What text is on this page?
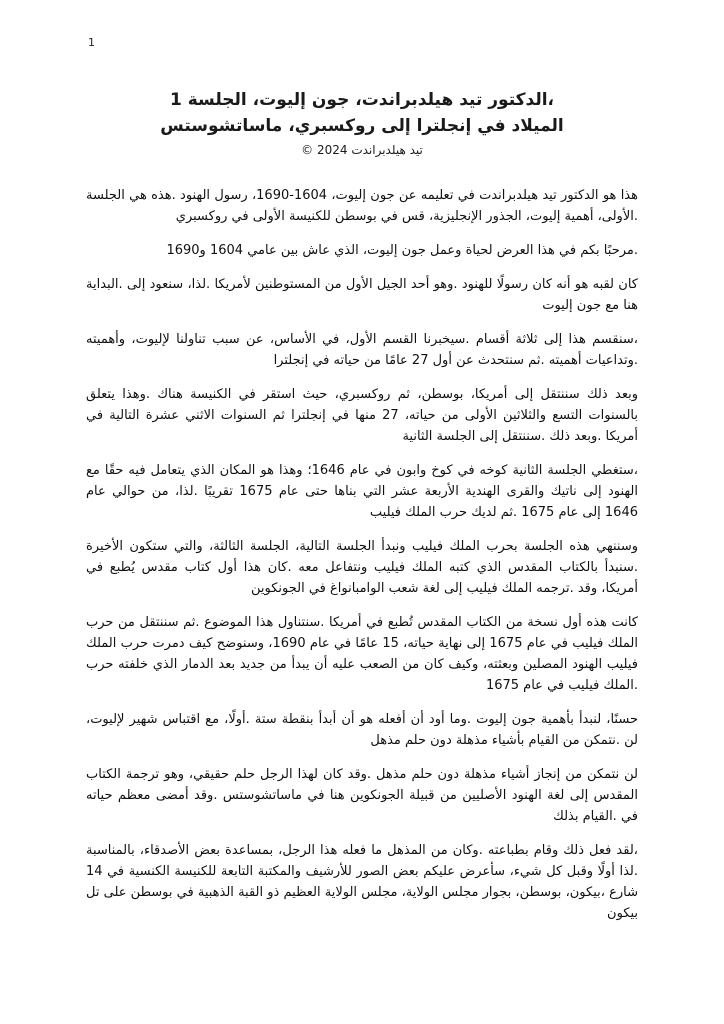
1
،الدكتور تيد هيلدبراندت، جون إليوت، الجلسة 1
الميلاد في إنجلترا إلى روكسبري، ماساتشوستس
تيد هيلدبراندت 2024 ©

هذا هو الدكتور تيد هيلدبراندت في تعليمه عن جون إليوت، 1604-1690، رسول الهنود .هذه هي الجلسة .الأولى، أهمية إليوت، الجذور الإنجليزية، قس في بوسطن للكنيسة الأولى في روكسبري

.مرحبًا بكم في هذا العرض لحياة وعمل جون إليوت، الذي عاش بين عامي 1604 و1690

كان لقبه هو أنه كان رسولًا للهنود .وهو أحد الجيل الأول من المستوطنين لأمريكا .لذا، سنعود إلى .البداية هنا مع جون إليوت

،سنقسم هذا إلى ثلاثة أقسام .سيخبرنا القسم الأول، في الأساس، عن سبب تناولنا لإليوت، وأهميته .وتداعيات أهميته .ثم سنتحدث عن أول 27 عامًا من حياته في إنجلترا

وبعد ذلك سننتقل إلى أمريكا، بوسطن، ثم روكسبري، حيث استقر في الكنيسة هناك .وهذا يتعلق بالسنوات التسع والثلاثين الأولى من حياته، 27 منها في إنجلترا ثم السنوات الاثني عشرة التالية في أمريكا .وبعد ذلك .سننتقل إلى الجلسة الثانية

،ستغطي الجلسة الثانية كوخه في كوخ وابون في عام 1646؛ وهذا هو المكان الذي يتعامل فيه حقًا مع الهنود إلى ناتيك والقرى الهندية الأربعة عشر التي بناها حتى عام 1675 تقريبًا .لذا، من حوالي عام 1646 إلى عام 1675 .ثم لديك حرب الملك فيليب

وسننهي هذه الجلسة بحرب الملك فيليب ونبدأ الجلسة التالية، الجلسة الثالثة، والتي ستكون الأخيرة .سنبدأ بالكتاب المقدس الذي كتبه الملك فيليب ونتفاعل معه .كان هذا أول كتاب مقدس يُطبع في أمريكا، وقد .ترجمه الملك فيليب إلى لغة شعب الوامبانواغ في الجونكوين

كانت هذه أول نسخة من الكتاب المقدس تُطبع في أمريكا .سنتناول هذا الموضوع .ثم سننتقل من حرب الملك فيليب في عام 1675 إلى نهاية حياته، 15 عامًا في عام 1690، وسنوضح كيف دمرت حرب الملك فيليب الهنود المصلين وبعثته، وكيف كان من الصعب عليه أن يبدأ من جديد بعد الدمار الذي خلفته حرب .الملك فيليب في عام 1675

حسنًا، لنبدأ بأهمية جون إليوت .وما أود أن أفعله هو أن أبدأ بنقطة ستة .أولًا، مع اقتباس شهير لإليوت، لن .نتمكن من القيام بأشياء مذهلة دون حلم مذهل

لن نتمكن من إنجاز أشياء مذهلة دون حلم مذهل .وقد كان لهذا الرجل حلم حقيقي، وهو ترجمة الكتاب المقدس إلى لغة الهنود الأصليين من قبيلة الجونكوين هنا في ماساتشوستس .وقد أمضى معظم حياته في .القيام بذلك

،لقد فعل ذلك وقام بطباعته .وكان من المذهل ما فعله هذا الرجل، بمساعدة بعض الأصدقاء، بالمناسبة .لذا أولًا وقبل كل شيء، سأعرض عليكم بعض الصور للأرشيف والمكتبة التابعة للكنيسة الكنسية في 14 شارع ،بيكون، بوسطن، بجوار مجلس الولاية، مجلس الولاية العظيم ذو القبة الذهبية في بوسطن على تل بيكون
